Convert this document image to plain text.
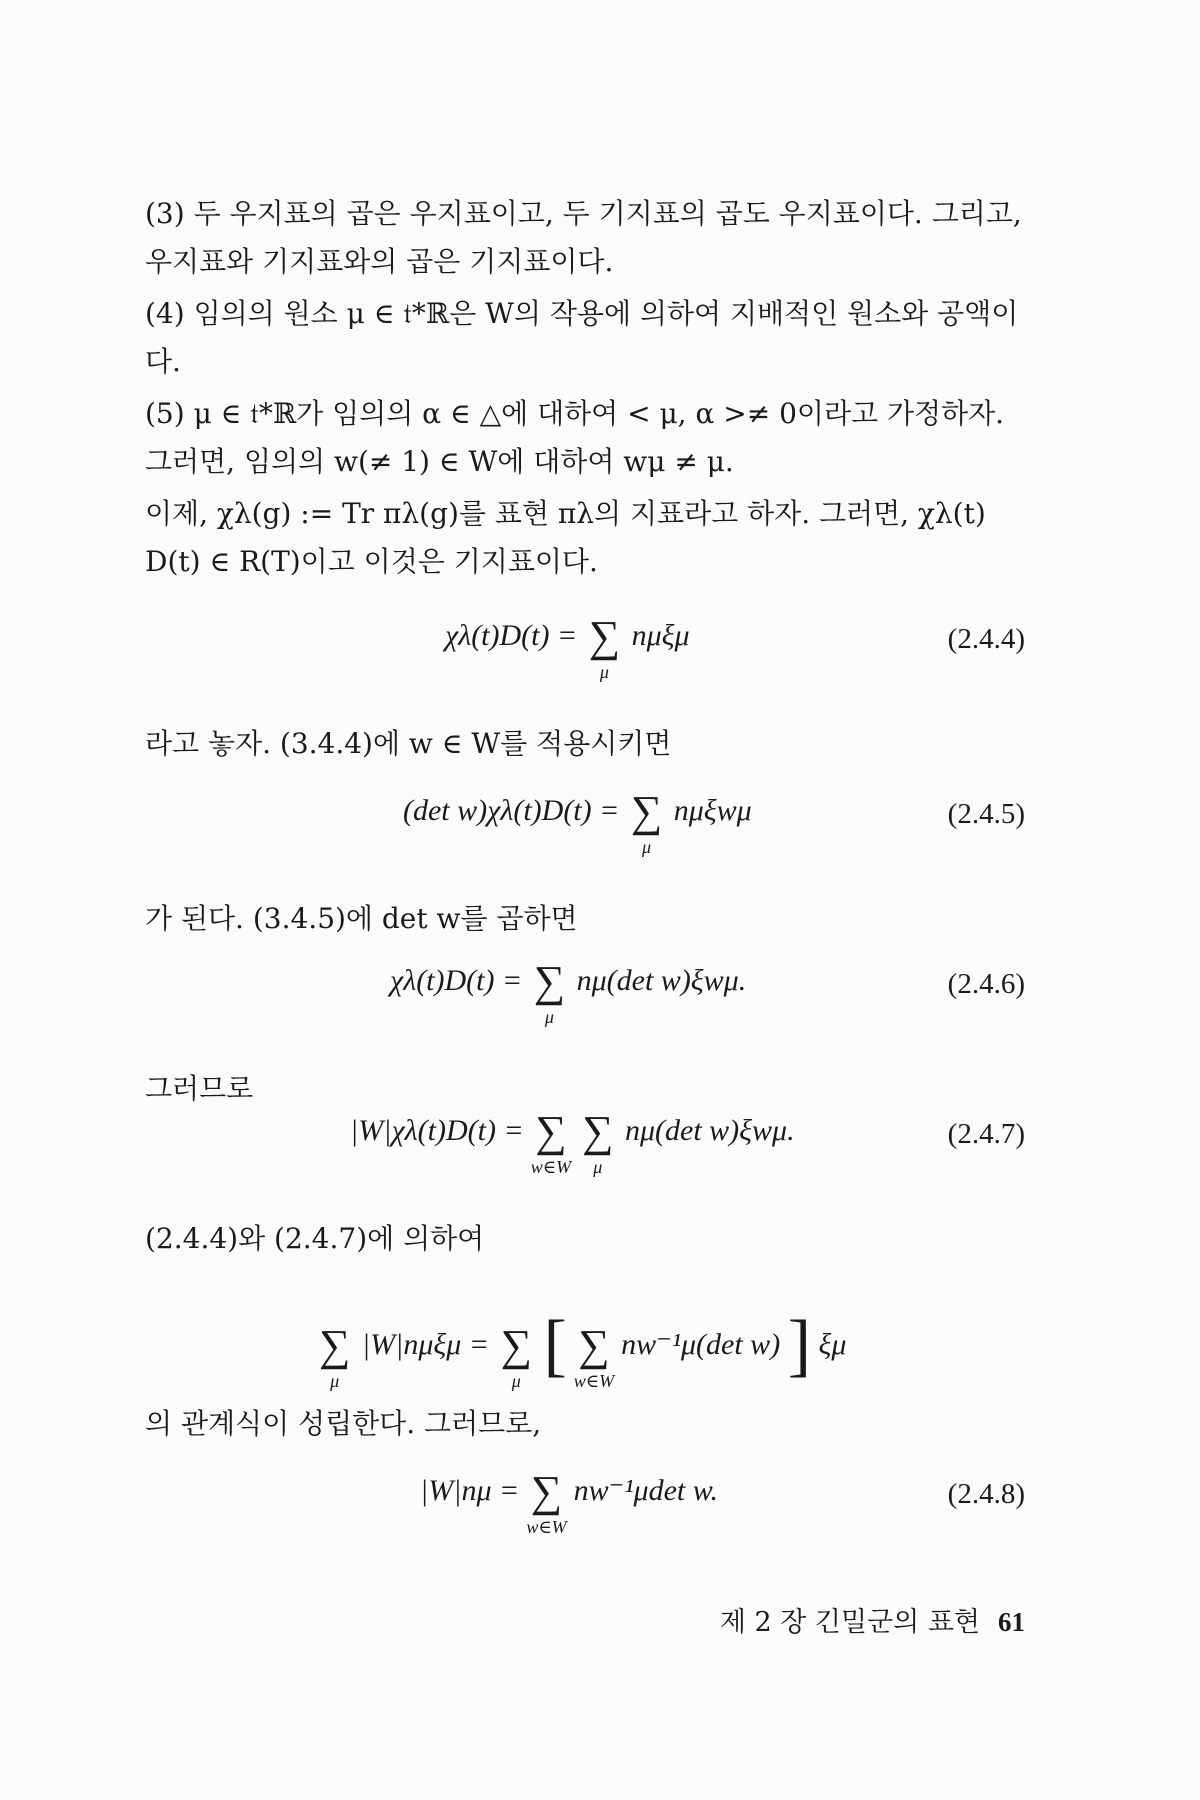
(3) 두 우지표의 곱은 우지표이고, 두 기지표의 곱도 우지표이다. 그리고, 우지표와 기지표와의 곱은 기지표이다.

(4) 임의의 원소 μ ∈ 𝔱*ℝ은 W의 작용에 의하여 지배적인 원소와 공액이다.

(5) μ ∈ 𝔱*ℝ가 임의의 α ∈ △에 대하여 < μ, α >≠ 0이라고 가정하자. 그러면, 임의의 w(≠ 1) ∈ W에 대하여 wμ ≠ μ.

이제, χλ(g) := Tr πλ(g)를 표현 πλ의 지표라고 하자. 그러면, χλ(t) D(t) ∈ R(T)이고 이것은 기지표이다.

χλ(t)D(t) = ∑
μ
nμξμ	(2.4.4)

라고 놓자. (3.4.4)에 w ∈ W를 적용시키면

(det w)χλ(t)D(t) = ∑
μ
nμξwμ	(2.4.5)

가 된다. (3.4.5)에 det w를 곱하면

χλ(t)D(t) = ∑
μ
nμ(det w)ξwμ.	(2.4.6)

그러므로

|W|χλ(t)D(t) = ∑
w∈W
∑
μ
nμ(det w)ξwμ.	(2.4.7)

(2.4.4)와 (2.4.7)에 의하여

∑
μ
|W|nμξμ = ∑
μ [ ∑
w∈W
nw⁻¹μ(det w) ] ξμ

의 관계식이 성립한다. 그러므로,

|W|nμ = ∑
w∈W
nw⁻¹μdet w.	(2.4.8)
제 2 장 긴밀군의 표현 61
